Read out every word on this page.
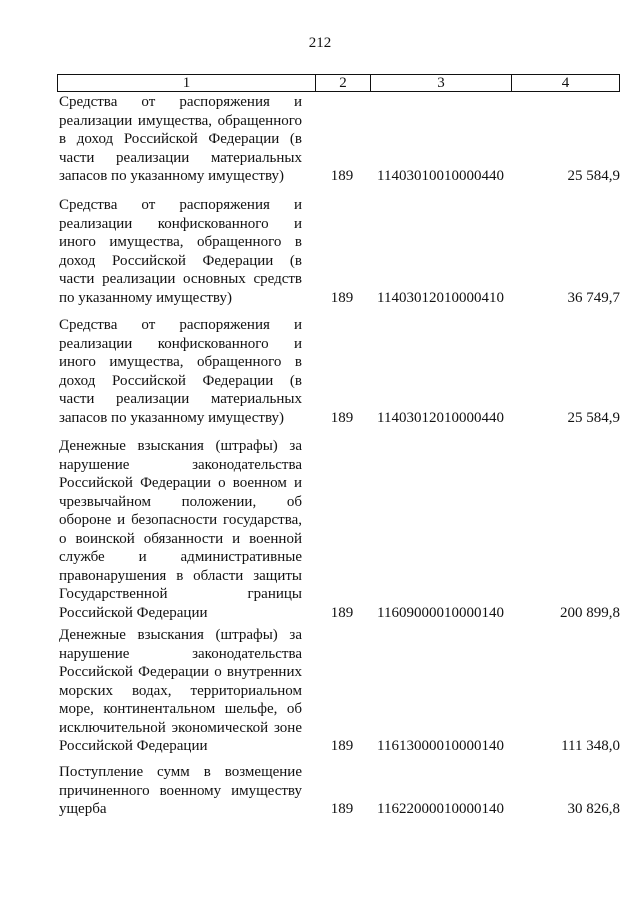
212
1	2	3	4
Средства от распоряжения и
реализации имущества, обращенного
в доход Российской Федерации (в
части реализации материальных
запасов по указанному имуществу)	189	11403010010000440	25 584,9
Средства от распоряжения и
реализации конфискованного и
иного имущества, обращенного в
доход Российской Федерации (в
части реализации основных средств
по указанному имуществу)	189	11403012010000410	36 749,7
Средства от распоряжения и
реализации конфискованного и
иного имущества, обращенного в
доход Российской Федерации (в
части реализации материальных
запасов по указанному имуществу)	189	11403012010000440	25 584,9
Денежные взыскания (штрафы) за
нарушение законодательства
Российской Федерации о военном и
чрезвычайном положении, об
обороне и безопасности государства,
о воинской обязанности и военной
службе и административные
правонарушения в области защиты
Государственной границы
Российской Федерации	189	11609000010000140	200 899,8
Денежные взыскания (штрафы) за
нарушение законодательства
Российской Федерации о внутренних
морских водах, территориальном
море, континентальном шельфе, об
исключительной экономической зоне
Российской Федерации	189	11613000010000140	111 348,0
Поступление сумм в возмещение
причиненного военному имуществу
ущерба	189	11622000010000140	30 826,8
